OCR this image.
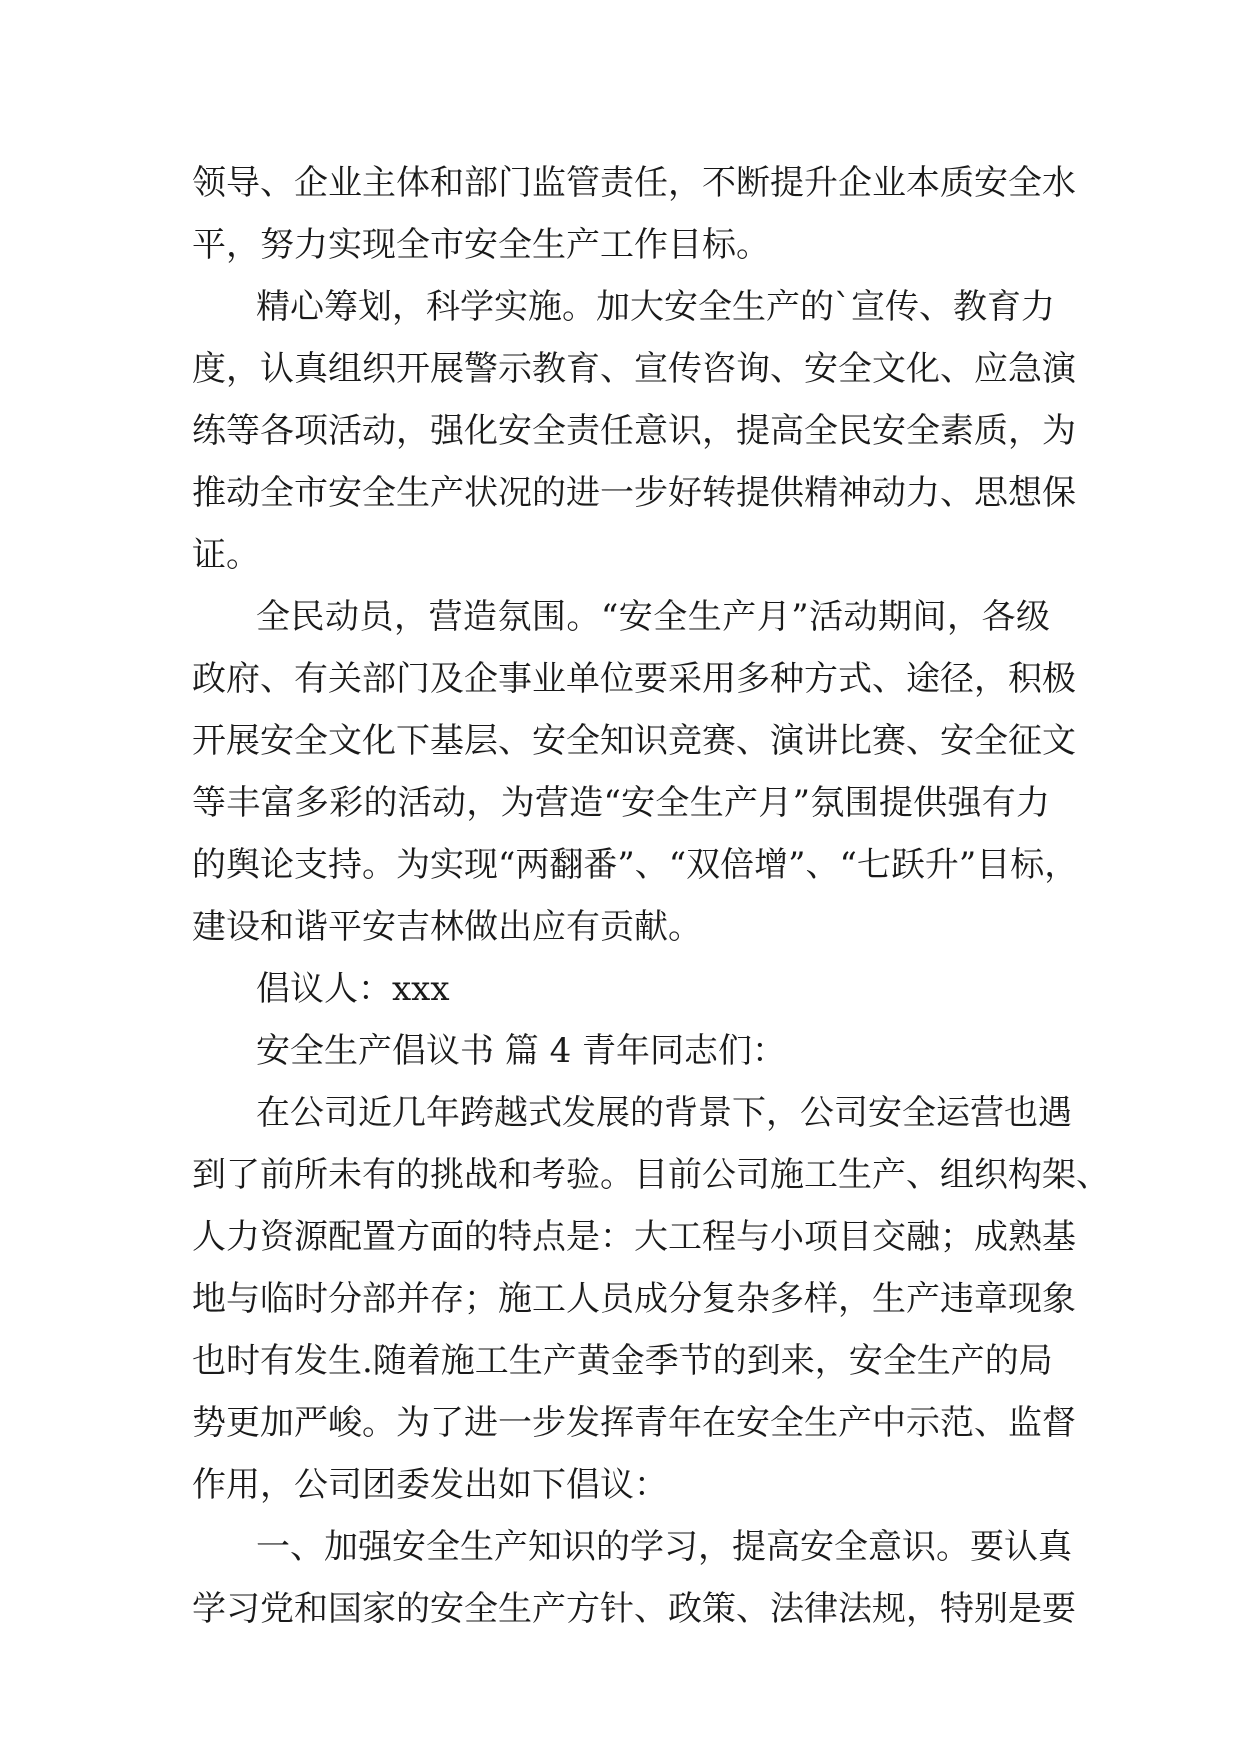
领导、企业主体和部门监管责任，不断提升企业本质安全水
平，努力实现全市安全生产工作目标。
精心筹划，科学实施。加大安全生产的`宣传、教育力
度，认真组织开展警示教育、宣传咨询、安全文化、应急演
练等各项活动，强化安全责任意识，提高全民安全素质，为
推动全市安全生产状况的进一步好转提供精神动力、思想保
证。
全民动员，营造氛围。“安全生产月”活动期间，各级
政府、有关部门及企事业单位要采用多种方式、途径，积极
开展安全文化下基层、安全知识竞赛、演讲比赛、安全征文
等丰富多彩的活动，为营造“安全生产月”氛围提供强有力
的舆论支持。为实现“两翻番”、“双倍增”、“七跃升”目标，
建设和谐平安吉林做出应有贡献。
倡议人：xxx
安全生产倡议书 篇 4 青年同志们：
在公司近几年跨越式发展的背景下，公司安全运营也遇
到了前所未有的挑战和考验。目前公司施工生产、组织构架、
人力资源配置方面的特点是：大工程与小项目交融；成熟基
地与临时分部并存；施工人员成分复杂多样，生产违章现象
也时有发生.随着施工生产黄金季节的到来，安全生产的局
势更加严峻。为了进一步发挥青年在安全生产中示范、监督
作用，公司团委发出如下倡议：
一、加强安全生产知识的学习，提高安全意识。要认真
学习党和国家的安全生产方针、政策、法律法规，特别是要
